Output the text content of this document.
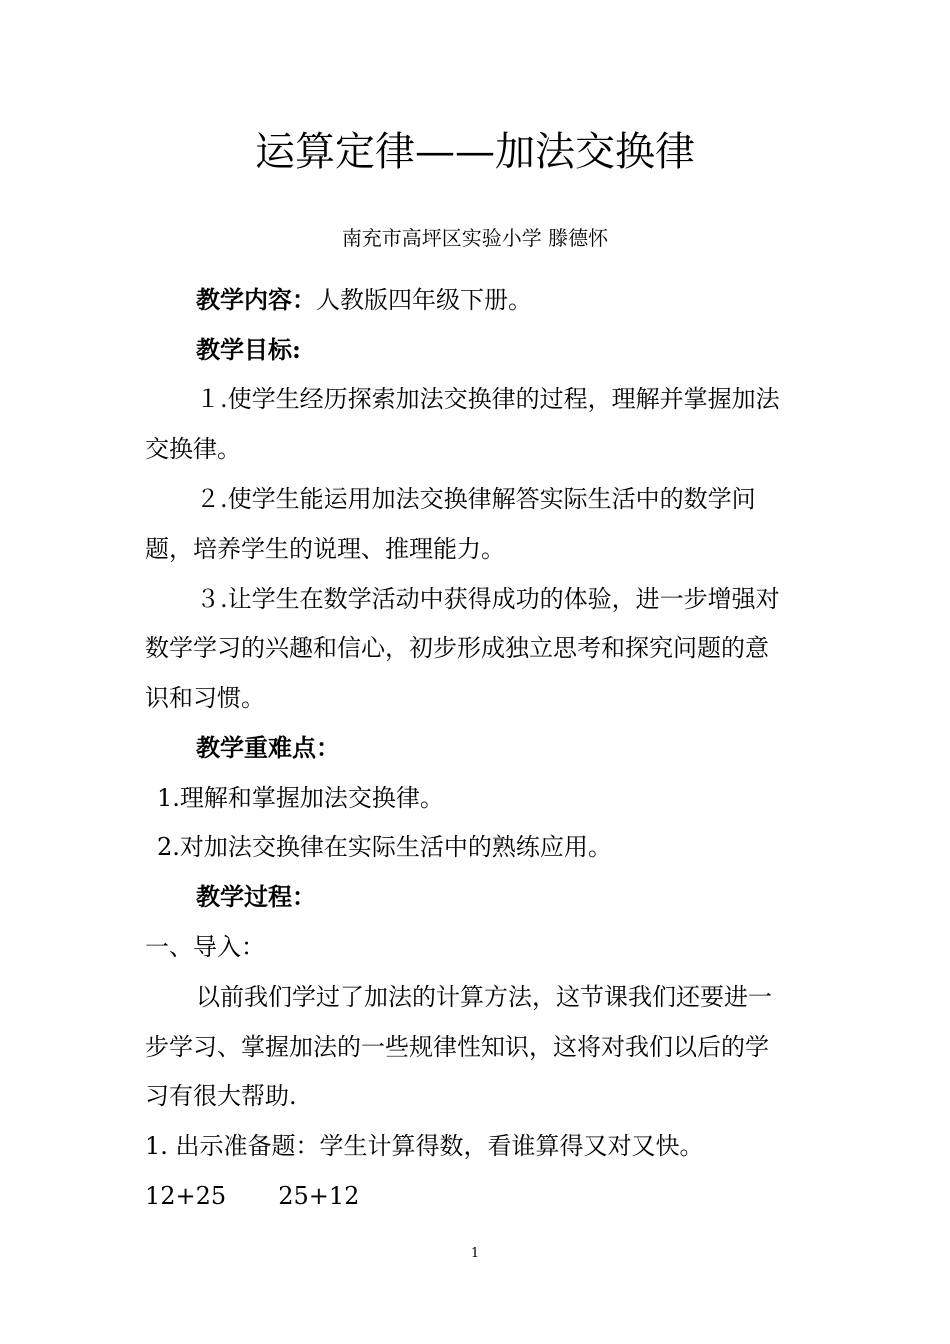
运算定律——加法交换律
南充市高坪区实验小学 滕德怀
教学内容：人教版四年级下册。
教学目标:
１.使学生经历探索加法交换律的过程，理解并掌握加法
交换律。
２.使学生能运用加法交换律解答实际生活中的数学问
题，培养学生的说理、推理能力。
３.让学生在数学活动中获得成功的体验，进一步增强对
数学学习的兴趣和信心，初步形成独立思考和探究问题的意
识和习惯。
教学重难点：
1.理解和掌握加法交换律。
2.对加法交换律在实际生活中的熟练应用。
教学过程：
一、导入：
以前我们学过了加法的计算方法，这节课我们还要进一
步学习、掌握加法的一些规律性知识，这将对我们以后的学
习有很大帮助.
1. 出示准备题：学生计算得数，看谁算得又对又快。
12+25 25+12
1
